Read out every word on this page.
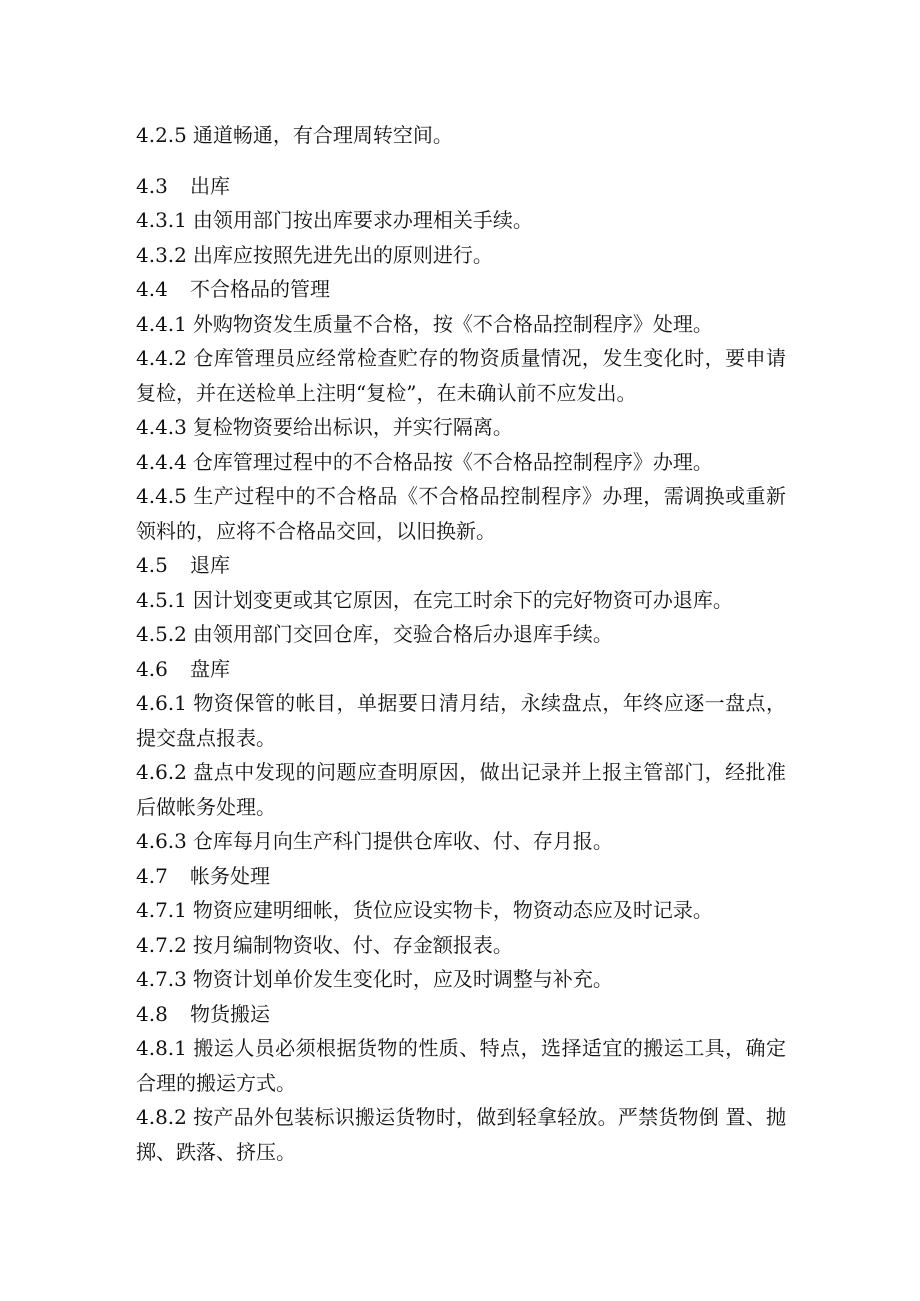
4.2.5 通道畅通，有合理周转空间。

4.3 出库

4.3.1 由领用部门按出库要求办理相关手续。

4.3.2 出库应按照先进先出的原则进行。

4.4 不合格品的管理

4.4.1 外购物资发生质量不合格，按《不合格品控制程序》处理。

4.4.2 仓库管理员应经常检查贮存的物资质量情况，发生变化时，要申请复检，并在送检单上注明“复检”，在未确认前不应发出。

4.4.3 复检物资要给出标识，并实行隔离。

4.4.4 仓库管理过程中的不合格品按《不合格品控制程序》办理。

4.4.5 生产过程中的不合格品《不合格品控制程序》办理，需调换或重新领料的，应将不合格品交回，以旧换新。

4.5 退库

4.5.1 因计划变更或其它原因，在完工时余下的完好物资可办退库。

4.5.2 由领用部门交回仓库，交验合格后办退库手续。

4.6 盘库

4.6.1 物资保管的帐目，单据要日清月结，永续盘点，年终应逐一盘点，提交盘点报表。

4.6.2 盘点中发现的问题应查明原因，做出记录并上报主管部门，经批准后做帐务处理。

4.6.3 仓库每月向生产科门提供仓库收、付、存月报。

4.7 帐务处理

4.7.1 物资应建明细帐，货位应设实物卡，物资动态应及时记录。

4.7.2 按月编制物资收、付、存金额报表。

4.7.3 物资计划单价发生变化时，应及时调整与补充。

4.8 物货搬运

4.8.1 搬运人员必须根据货物的性质、特点，选择适宜的搬运工具，确定合理的搬运方式。

4.8.2 按产品外包装标识搬运货物时，做到轻拿轻放。严禁货物倒 置、抛掷、跌落、挤压。
